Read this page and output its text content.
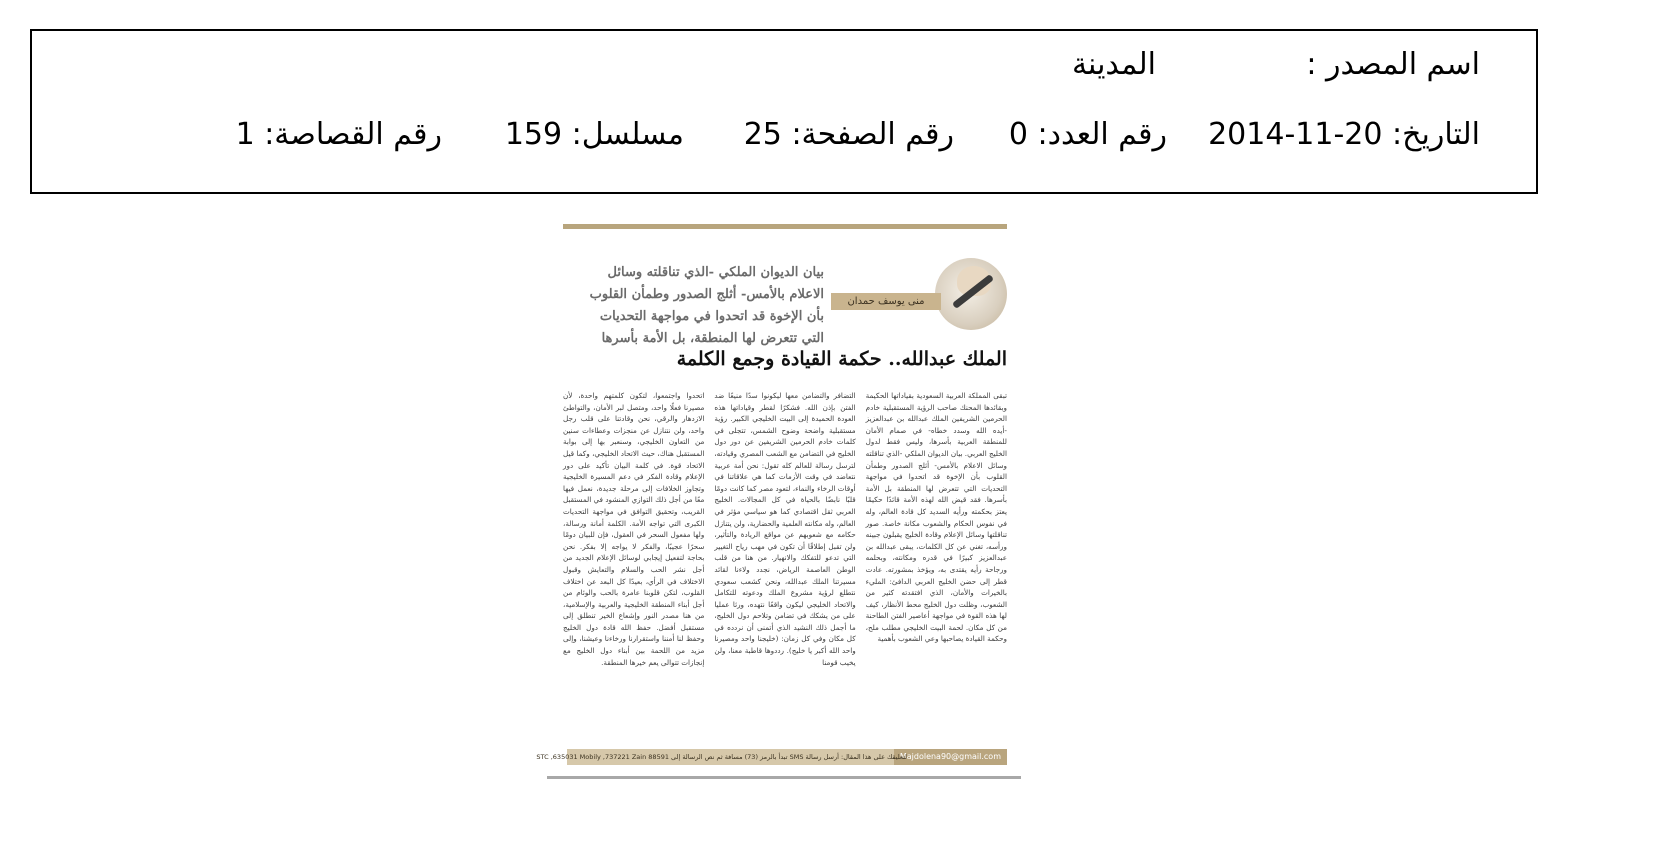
اسم المصدر :
المدينة
التاريخ: 20-11-2014
رقم العدد: 0
رقم الصفحة: 25
مسلسل: 159
رقم القصاصة: 1
منى يوسف حمدان
بيان الديوان الملكي -الذي تناقلته وسائل الاعلام بالأمس- أثلج الصدور وطمأن القلوب بأن الإخوة قد اتحدوا في مواجهة التحديات التي تتعرض لها المنطقة، بل الأمة بأسرها
الملك عبدالله.. حكمة القيادة وجمع الكلمة
تبقى المملكة العربية السعودية بقياداتها الحكيمة وبقائدها المحنك صاحب الرؤية المستقبلية خادم الحرمين الشريفين الملك عبدالله بن عبدالعزيز -أيده الله وسدد خطاه- في صمام الأمان للمنطقة العربية بأسرها، وليس فقط لدول الخليج العربي. بيان الديوان الملكي -الذي تناقلته وسائل الاعلام بالأمس- أثلج الصدور وطمأن القلوب بأن الإخوة قد اتحدوا في مواجهة التحديات التي تتعرض لها المنطقة بل الأمة بأسرها. فقد قيض الله لهذه الأمة قائدًا حكيمًا يعتز بحكمته ورأيه السديد كل قادة العالم، وله في نفوس الحكام والشعوب مكانة خاصة. صور تناقلتها وسائل الإعلام وقادة الخليج يقبلون جبينه ورأسه، تغني عن كل الكلمات، يبقى عبدالله بن عبدالعزيز كبيرًا في قدره ومكانته، وبحلمه ورجاحة رأيه يقتدى به، ويؤخذ بمشورته. عادت قطر إلى حضن الخليج العربي الدافئ: المليء بالخيرات والأمان، الذي افتقدته كثير من الشعوب، وظلت دول الخليج محط الأنظار، كيف لها هذه القوة في مواجهة أعاصير الفتن الطاحنة من كل مكان. لحمة البيت الخليجي مطلب ملح، وحكمة القيادة يصاحبها وعي الشعوب بأهمية
التضافر والتضامن معها ليكونوا سدًا منيعًا ضد الفتن بإذن الله. فشكرًا لقطر وقياداتها هذه العودة الحميدة إلى البيت الخليجي الكبير. رؤية مستقبلية واضحة وضوح الشمس، تتجلى في كلمات خادم الحرمين الشريفين عن دور دول الخليج في التضامن مع الشعب المصري وقيادته، لترسل رسالة للعالم كله تقول: نحن أمة عربية نتعاضد في وقت الأزمات كما هي علاقاتنا في أوقات الرخاء والنماء، لتعود مصر كما كانت دومًا قلبًا نابضًا بالحياة في كل المجالات. الخليج العربي ثقل اقتصادي كما هو سياسي مؤثر في العالم، وله مكانته العلمية والحضارية، ولن يتنازل حكامه مع شعوبهم عن مواقع الريادة والتأثير، ولن تقبل إطلاقًا أن تكون في مهب رياح التغيير التي تدعو للتفكك والانهيار. من هنا من قلب الوطن العاصمة الرياض، نجدد ولاءنا لقائد مسيرتنا الملك عبدالله، ونحن كشعب سعودي نتطلع لرؤية مشروع الملك ودعوته للتكامل والاتحاد الخليجي ليكون واقعًا نتهده، ورثا عمليا على من يشكك في تضامن وتلاحم دول الخليج، ما أجمل ذلك النشيد الذي أتمنى أن نردده في كل مكان وفي كل زمان: (خليجنا واحد ومصيرنا واحد الله أكبر يا خليج). رددوها قاطبة معنا، ولن يخيب قومنا
اتحدوا واجتمعوا، لتكون كلمتهم واحدة، لأن مصيرنا فعلًا واحد، ومتصل لبر الأمان، والتواطئ الازدهار والرقي، نحن وقادتنا على قلب رجل واحد، ولن نتنازل عن منجزات وعطاءات سنين من التعاون الخليجي، وسنعبر بها إلى بوابة المستقبل هناك، حيث الاتحاد الخليجي، وكما قيل الاتحاد قوة. في كلمة البيان تأكيد على دور الإعلام وقادة الفكر في دعم المسيرة الخليجية وتجاوز الخلافات إلى مرحلة جديدة، نعمل فيها معًا من أجل ذلك التوازي المنشود في المستقبل القريب، وتحقيق التوافق في مواجهة التحديات الكبرى التي تواجه الأمة. الكلمة أمانة ورسالة، ولها مفعول السحر في العقول، فإن للبيان دومًا سحرًا عجيبًا، والفكر لا يواجه إلا بفكر. نحن بحاجة لتفعيل إيجابي لوسائل الإعلام الجديد من أجل نشر الحب والسلام والتعايش وقبول الاختلاف في الرأي، بعيدًا كل البعد عن اختلاف القلوب، لتكن قلوبنا عامرة بالحب والوئام من أجل أبناء المنطقة الخليجية والعربية والإسلامية، من هنا مصدر النور وإشعاع الخير تنطلق إلى مستقبل أفضل. حفظ الله قادة دول الخليج وحفظ لنا أمننا واستقرارنا ورخاءنا وعيشنا، وإلى مزيد من اللحمة بين أبناء دول الخليج مع إنجازات تتوالى يعم خيرها المنطقة.
Majdolena90@gmail.com
لتعليقك على هذا المقال: أرسل رسالة SMS تبدأ بالرمز (73) مسافة ثم نص الرسالة إلى 88591 STC ,635031 Mobily ,737221 Zain
